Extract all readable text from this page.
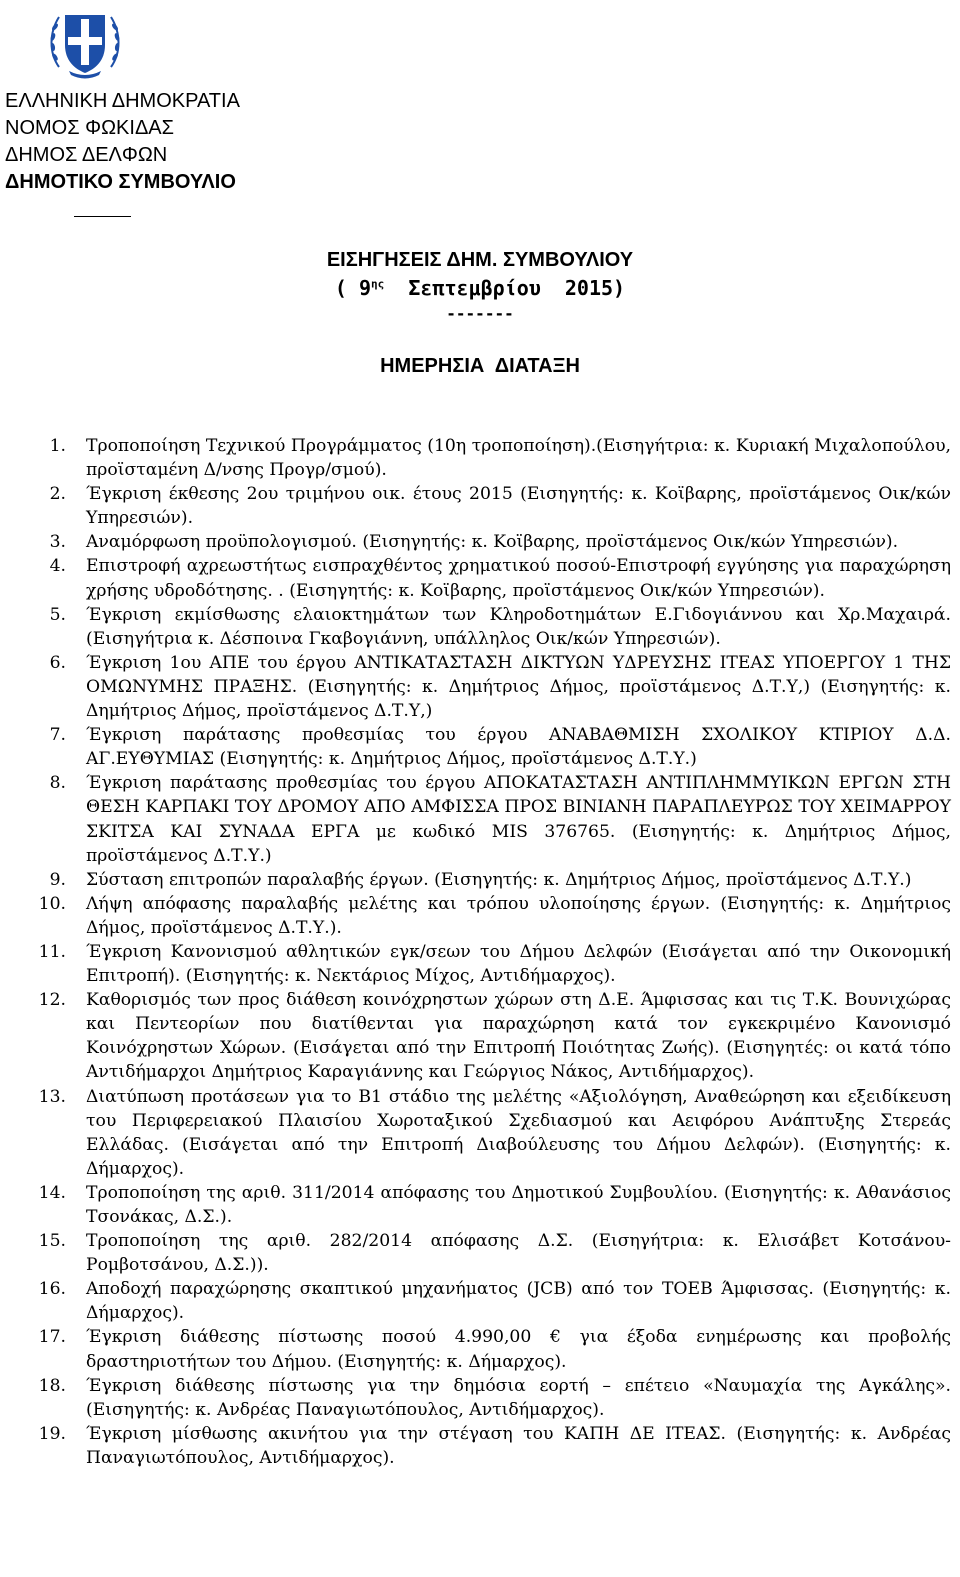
ΕΛΛΗΝΙΚΗ ΔΗΜΟΚΡΑΤΙΑ
ΝΟΜΟΣ ΦΩΚΙΔΑΣ
ΔΗΜΟΣ ΔΕΛΦΩΝ
ΔΗΜΟΤΙΚΟ ΣΥΜΒΟΥΛΙΟ
ΕΙΣΗΓΗΣΕΙΣ ΔΗΜ. ΣΥΜΒΟΥΛΙΟΥ
( $9^{\eta\varsigma}$  Σεπτεμβρίου  2015)
-------
ΗΜΕΡΗΣΙΑ  ΔΙΑΤΑΞΗ
1. Τροποποίηση Τεχνικού Προγράμματος (10η τροποποίηση).(Εισηγήτρια: κ. Κυριακή Μιχαλοπούλου, προϊσταμένη Δ/νσης Προγρ/σμού).
2. Έγκριση έκθεσης 2ου τριμήνου οικ. έτους 2015 (Εισηγητής: κ. Κοϊβαρης, προϊστάμενος Οικ/κών Υπηρεσιών).
3. Αναμόρφωση προϋπολογισμού. (Εισηγητής: κ. Κοϊβαρης, προϊστάμενος Οικ/κών Υπηρεσιών).
4. Επιστροφή αχρεωστήτως εισπραχθέντος χρηματικού ποσού-Επιστροφή εγγύησης για παραχώρηση χρήσης υδροδότησης. . (Εισηγητής: κ. Κοϊβαρης, προϊστάμενος Οικ/κών Υπηρεσιών).
5. Έγκριση εκμίσθωσης ελαιοκτημάτων των Κληροδοτημάτων Ε.Γιδογιάννου και Χρ.Μαχαιρά. (Εισηγήτρια κ. Δέσποινα Γκαβογιάννη, υπάλληλος Οικ/κών Υπηρεσιών).
6. Έγκριση 1ου ΑΠΕ του έργου ΑΝΤΙΚΑΤΑΣΤΑΣΗ ΔΙΚΤΥΩΝ ΥΔΡΕΥΣΗΣ ΙΤΕΑΣ ΥΠΟΕΡΓΟΥ 1 ΤΗΣ ΟΜΩΝΥΜΗΣ ΠΡΑΞΗΣ. (Εισηγητής: κ. Δημήτριος Δήμος, προϊστάμενος Δ.Τ.Υ,) (Εισηγητής: κ. Δημήτριος Δήμος, προϊστάμενος Δ.Τ.Υ,)
7. Έγκριση παράτασης προθεσμίας του έργου ΑΝΑΒΑΘΜΙΣΗ ΣΧΟΛΙΚΟΥ ΚΤΙΡΙΟΥ Δ.Δ. ΑΓ.ΕΥΘΥΜΙΑΣ (Εισηγητής: κ. Δημήτριος Δήμος, προϊστάμενος Δ.Τ.Υ.)
8. Έγκριση παράτασης προθεσμίας του έργου ΑΠΟΚΑΤΑΣΤΑΣΗ ΑΝΤΙΠΛΗΜΜΥΙΚΩΝ ΕΡΓΩΝ ΣΤΗ ΘΕΣΗ ΚΑΡΠΑΚΙ ΤΟΥ ΔΡΟΜΟΥ ΑΠΟ ΑΜΦΙΣΣΑ ΠΡΟΣ ΒΙΝΙΑΝΗ ΠΑΡΑΠΛΕΥΡΩΣ ΤΟΥ ΧΕΙΜΑΡΡΟΥ ΣΚΙΤΣΑ ΚΑΙ ΣΥΝΑΔΑ ΕΡΓΑ με κωδικό MIS 376765. (Εισηγητής: κ. Δημήτριος Δήμος, προϊστάμενος Δ.Τ.Υ.)
9. Σύσταση επιτροπών παραλαβής έργων. (Εισηγητής: κ. Δημήτριος Δήμος, προϊστάμενος Δ.Τ.Υ.)
10. Λήψη απόφασης παραλαβής μελέτης και τρόπου υλοποίησης έργων. (Εισηγητής: κ. Δημήτριος Δήμος, προϊστάμενος Δ.Τ.Υ.).
11. Έγκριση Κανονισμού αθλητικών εγκ/σεων του Δήμου Δελφών (Εισάγεται από την Οικονομική Επιτροπή). (Εισηγητής: κ. Νεκτάριος Μίχος, Αντιδήμαρχος).
12. Καθορισμός των προς διάθεση κοινόχρηστων χώρων στη Δ.Ε. Άμφισσας και τις Τ.Κ. Βουνιχώρας και Πεντεορίων που διατίθενται για παραχώρηση κατά τον εγκεκριμένο Κανονισμό Κοινόχρηστων Χώρων. (Εισάγεται από την Επιτροπή Ποιότητας Ζωής). (Εισηγητές: οι κατά τόπο Αντιδήμαρχοι Δημήτριος Καραγιάννης και Γεώργιος Νάκος, Αντιδήμαρχος).
13. Διατύπωση προτάσεων για το Β1 στάδιο της μελέτης «Αξιολόγηση, Αναθεώρηση και εξειδίκευση του Περιφερειακού Πλαισίου Χωροταξικού Σχεδιασμού και Αειφόρου Ανάπτυξης Στερεάς Ελλάδας. (Εισάγεται από την Επιτροπή Διαβούλευσης του Δήμου Δελφών). (Εισηγητής: κ. Δήμαρχος).
14. Τροποποίηση της αριθ. 311/2014 απόφασης του Δημοτικού Συμβουλίου. (Εισηγητής: κ. Αθανάσιος Τσονάκας, Δ.Σ.).
15. Τροποποίηση της αριθ. 282/2014 απόφασης Δ.Σ. (Εισηγήτρια: κ. Ελισάβετ Κοτσάνου-Ρομβοτσάνου, Δ.Σ.)).
16. Αποδοχή παραχώρησης σκαπτικού μηχανήματος (JCB) από τον ΤΟΕΒ Άμφισσας. (Εισηγητής: κ. Δήμαρχος).
17. Έγκριση διάθεσης πίστωσης ποσού 4.990,00 € για έξοδα ενημέρωσης και προβολής δραστηριοτήτων του Δήμου. (Εισηγητής: κ. Δήμαρχος).
18. Έγκριση διάθεσης πίστωσης για την δημόσια εορτή – επέτειο «Ναυμαχία της Αγκάλης». (Εισηγητής: κ. Ανδρέας Παναγιωτόπουλος, Αντιδήμαρχος).
19. Έγκριση μίσθωσης ακινήτου για την στέγαση του ΚΑΠΗ ΔΕ ΙΤΕΑΣ. (Εισηγητής: κ. Ανδρέας Παναγιωτόπουλος, Αντιδήμαρχος).
